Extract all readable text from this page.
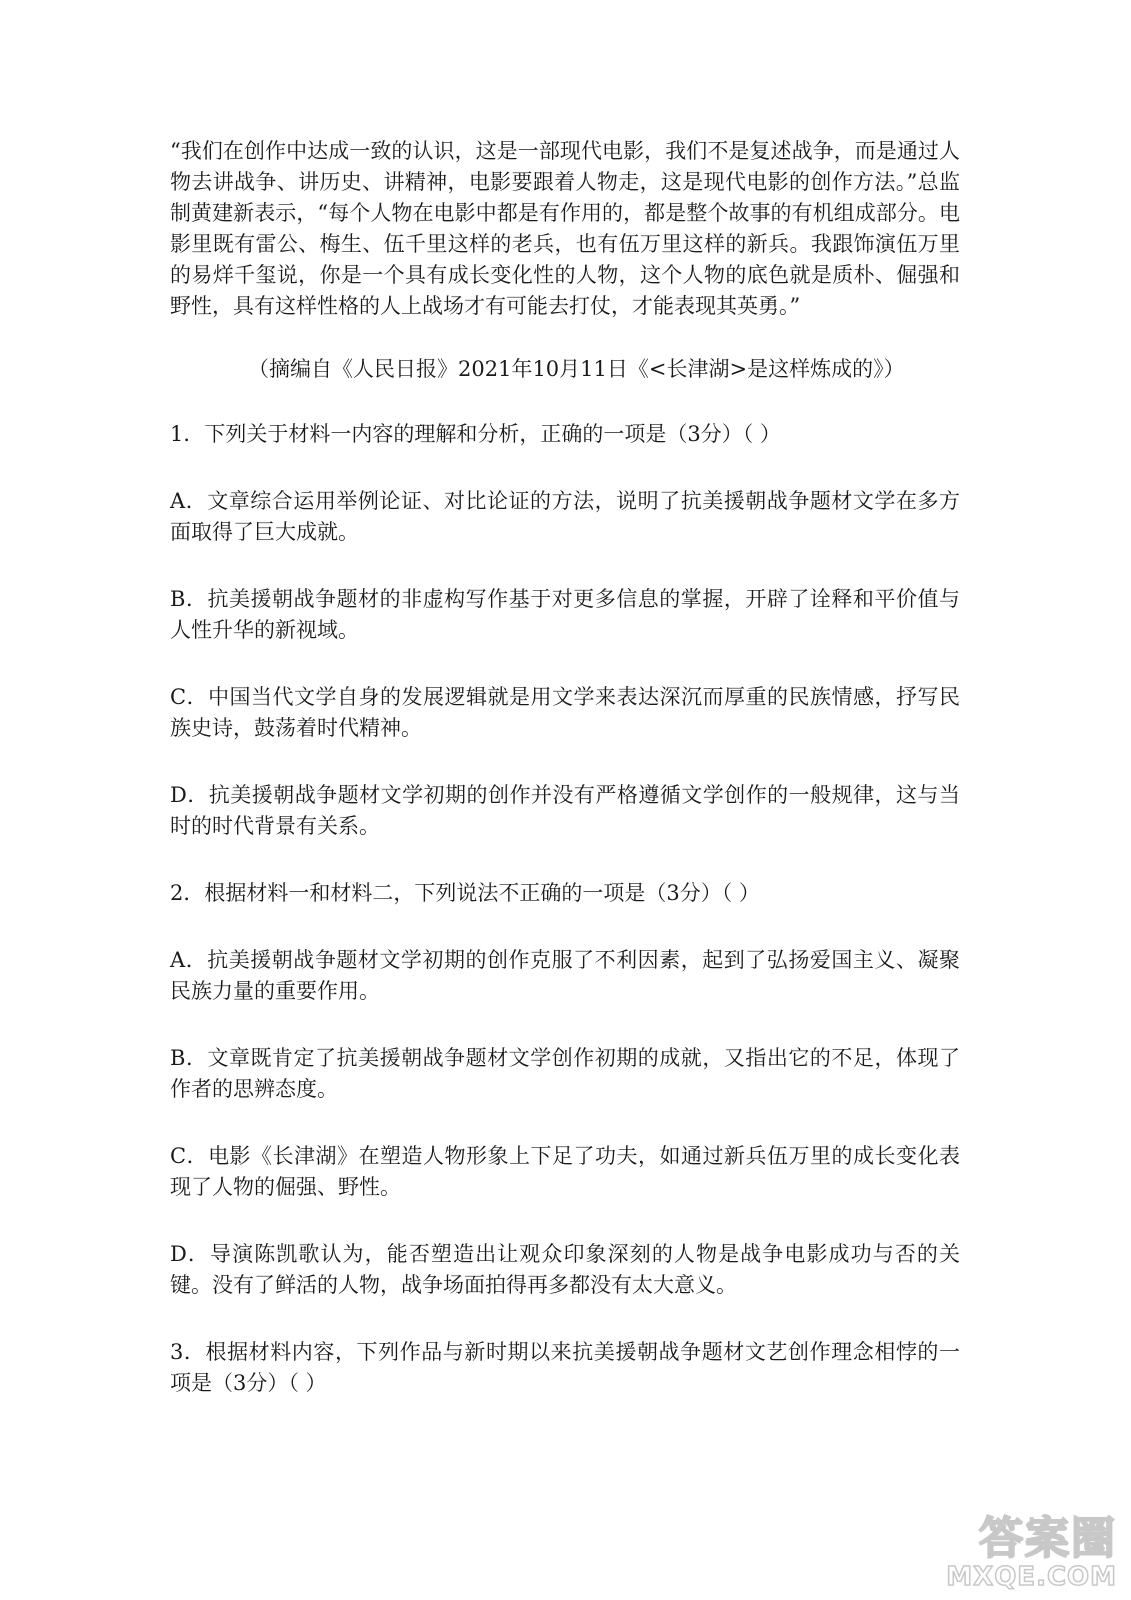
“我们在创作中达成一致的认识，这是一部现代电影，我们不是复述战争，而是通过人物去讲战争、讲历史、讲精神，电影要跟着人物走，这是现代电影的创作方法。”总监制黄建新表示，“每个人物在电影中都是有作用的，都是整个故事的有机组成部分。电影里既有雷公、梅生、伍千里这样的老兵，也有伍万里这样的新兵。我跟饰演伍万里的易烊千玺说，你是一个具有成长变化性的人物，这个人物的底色就是质朴、倔强和野性，具有这样性格的人上战场才有可能去打仗，才能表现其英勇。”

（摘编自《人民日报》2021年10月11日《<长津湖>是这样炼成的》）

1．下列关于材料一内容的理解和分析，正确的一项是（3分）（ ）

A．文章综合运用举例论证、对比论证的方法，说明了抗美援朝战争题材文学在多方面取得了巨大成就。

B．抗美援朝战争题材的非虚构写作基于对更多信息的掌握，开辟了诠释和平价值与人性升华的新视域。

C．中国当代文学自身的发展逻辑就是用文学来表达深沉而厚重的民族情感，抒写民族史诗，鼓荡着时代精神。

D．抗美援朝战争题材文学初期的创作并没有严格遵循文学创作的一般规律，这与当时的时代背景有关系。

2．根据材料一和材料二，下列说法不正确的一项是（3分）（ ）

A．抗美援朝战争题材文学初期的创作克服了不利因素，起到了弘扬爱国主义、凝聚民族力量的重要作用。

B．文章既肯定了抗美援朝战争题材文学创作初期的成就，又指出它的不足，体现了作者的思辨态度。

C．电影《长津湖》在塑造人物形象上下足了功夫，如通过新兵伍万里的成长变化表现了人物的倔强、野性。

D．导演陈凯歌认为，能否塑造出让观众印象深刻的人物是战争电影成功与否的关键。没有了鲜活的人物，战争场面拍得再多都没有太大意义。

3．根据材料内容，下列作品与新时期以来抗美援朝战争题材文艺创作理念相悖的一项是（3分）（ ）

答案圈
MXQE.COM
